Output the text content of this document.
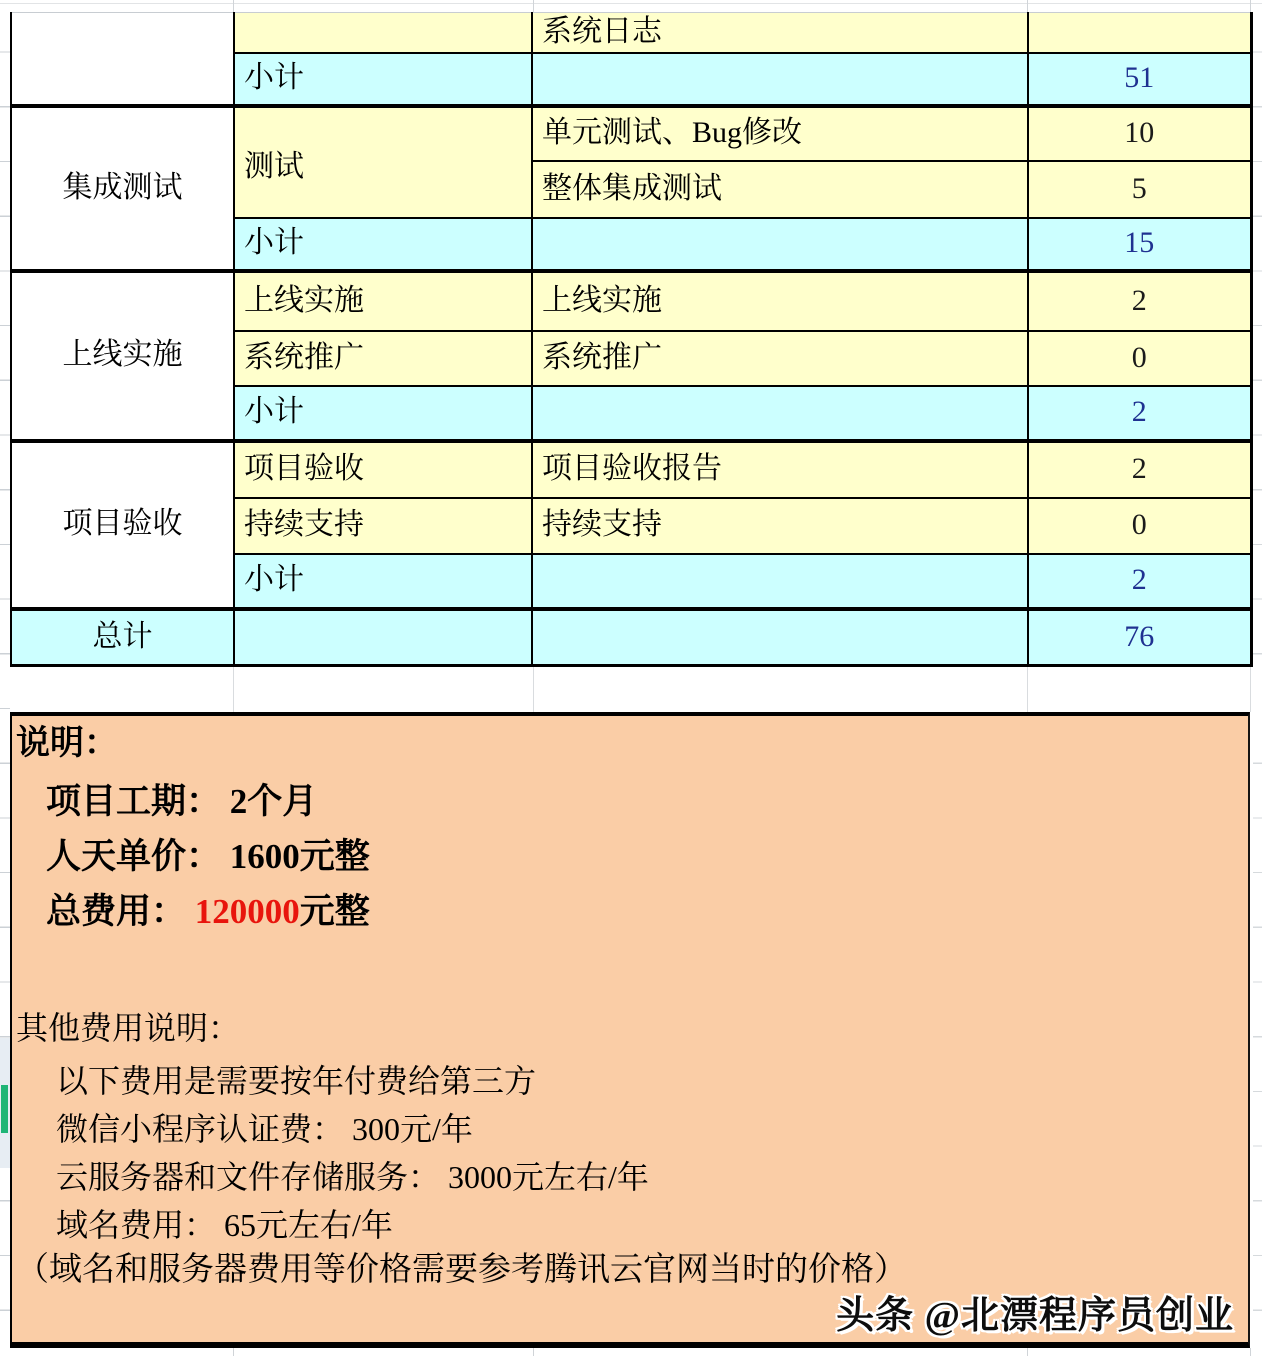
		系统日志	
	小计		51
集成测试	测试	单元测试、Bug修改	10
		整体集成测试	5
	小计		15
上线实施	上线实施	上线实施	2
	系统推广	系统推广	0
	小计		2
项目验收	项目验收	项目验收报告	2
	持续支持	持续支持	0
	小计		2
总计			76
说明：
项目工期： 2个月
人天单价： 1600元整
总费用： 120000元整
其他费用说明：
以下费用是需要按年付费给第三方
微信小程序认证费： 300元/年
云服务器和文件存储服务： 3000元左右/年
域名费用： 65元左右/年
（域名和服务器费用等价格需要参考腾讯云官网当时的价格）
头条 @北漂程序员创业
